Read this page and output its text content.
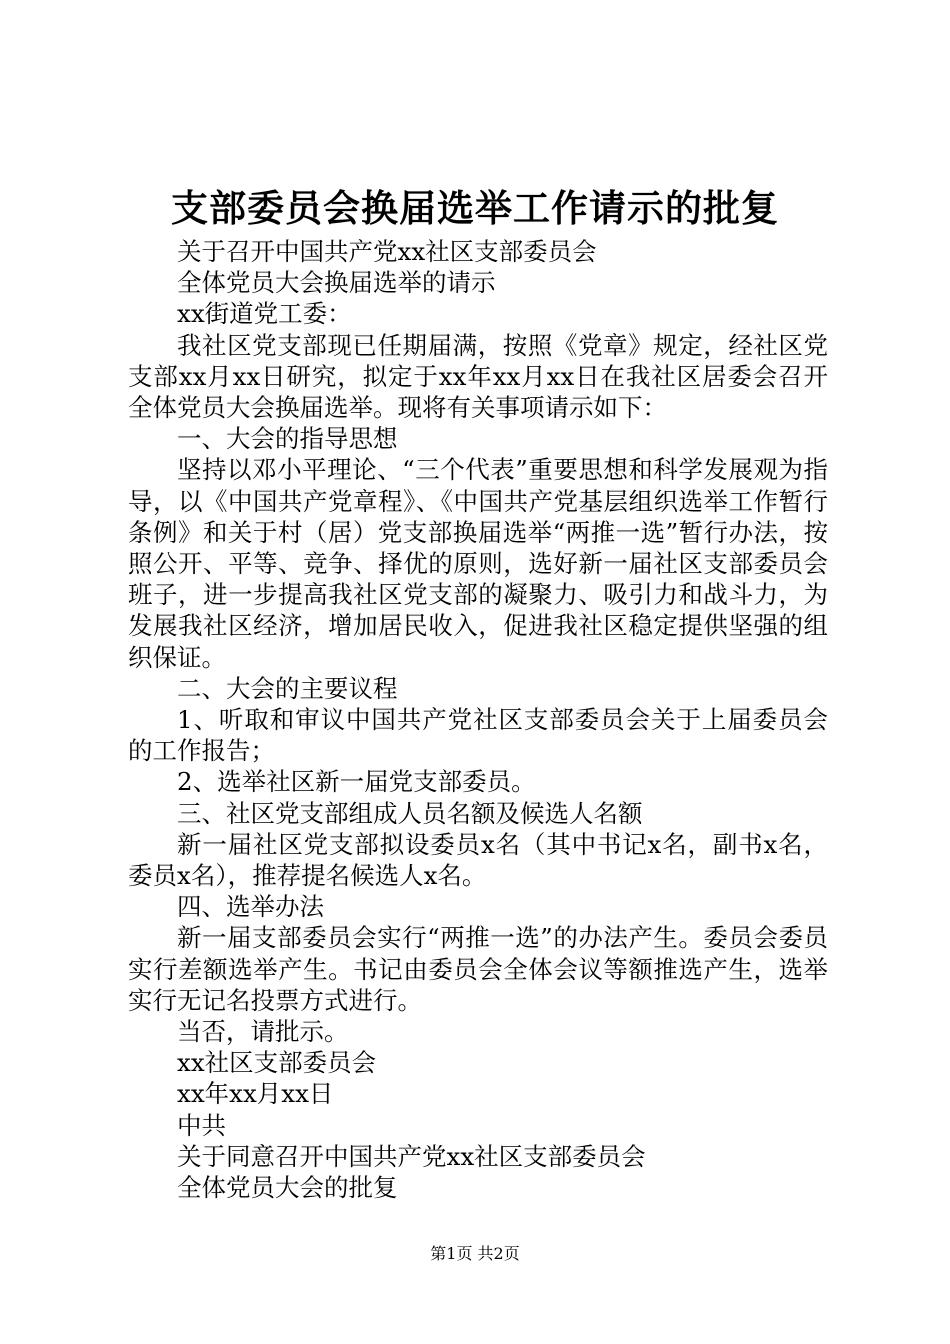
支部委员会换届选举工作请示的批复

关于召开中国共产党xx社区支部委员会

全体党员大会换届选举的请示

xx街道党工委：

我社区党支部现已任期届满，按照《党章》规定，经社区党支部xx月xx日研究，拟定于xx年xx月xx日在我社区居委会召开全体党员大会换届选举。现将有关事项请示如下：

一、大会的指导思想

坚持以邓小平理论、“三个代表”重要思想和科学发展观为指导，以《中国共产党章程》、《中国共产党基层组织选举工作暂行条例》和关于村（居）党支部换届选举“两推一选”暂行办法，按照公开、平等、竞争、择优的原则，选好新一届社区支部委员会班子，进一步提高我社区党支部的凝聚力、吸引力和战斗力，为发展我社区经济，增加居民收入，促进我社区稳定提供坚强的组织保证。

二、大会的主要议程

1、听取和审议中国共产党社区支部委员会关于上届委员会的工作报告；

2、选举社区新一届党支部委员。

三、社区党支部组成人员名额及候选人名额

新一届社区党支部拟设委员x名（其中书记x名，副书x名，委员x名），推荐提名候选人x名。

四、选举办法

新一届支部委员会实行“两推一选”的办法产生。委员会委员实行差额选举产生。书记由委员会全体会议等额推选产生，选举实行无记名投票方式进行。

当否，请批示。

xx社区支部委员会

xx年xx月xx日

中共

关于同意召开中国共产党xx社区支部委员会

全体党员大会的批复

第1页 共2页
